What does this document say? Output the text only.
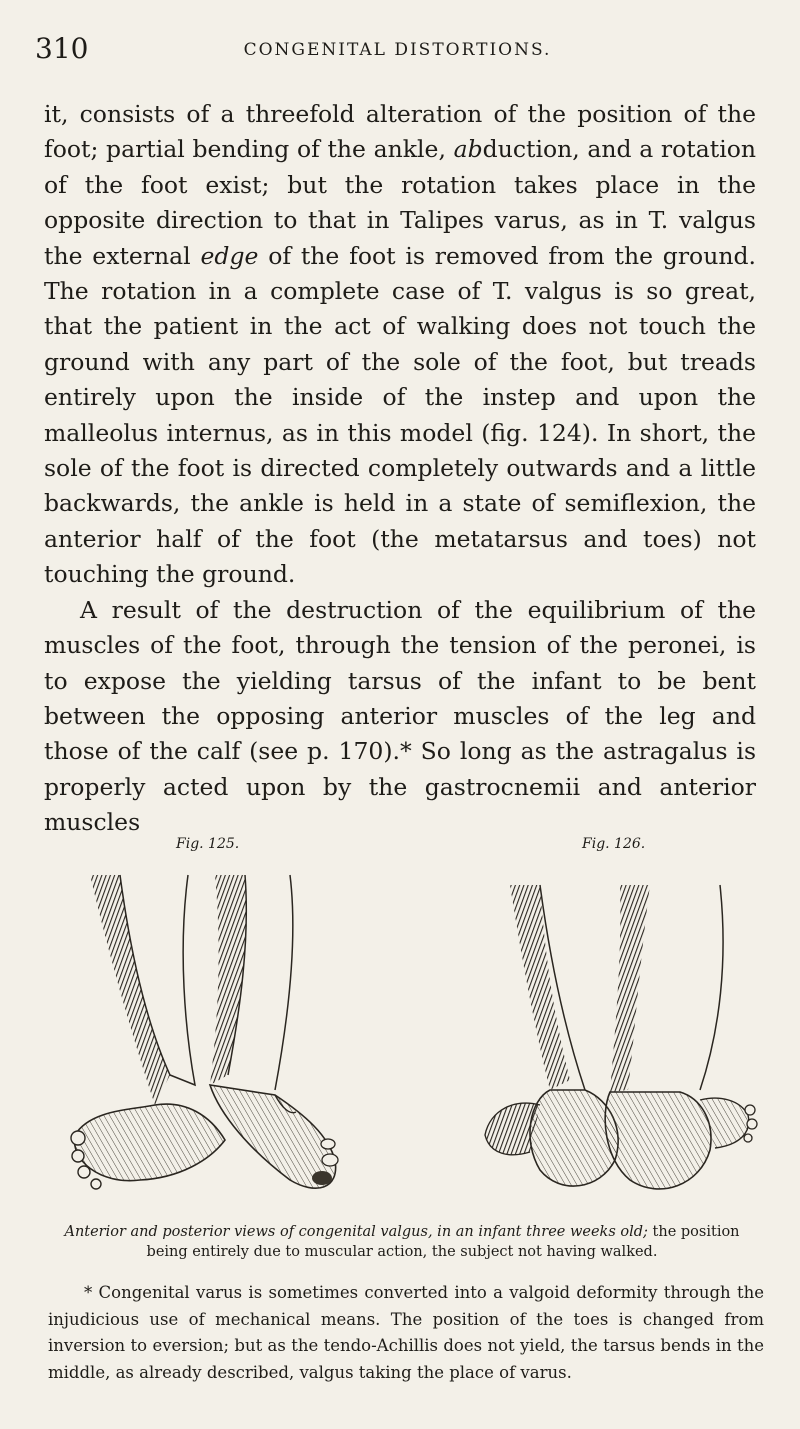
310	CONGENITAL DISTORTIONS.

it, consists of a threefold alteration of the position of the foot; partial bending of the ankle, abduction, and a rotation of the foot exist; but the rotation takes place in the opposite direction to that in Talipes varus, as in T. valgus the external edge of the foot is removed from the ground. The rotation in a complete case of T. valgus is so great, that the patient in the act of walking does not touch the ground with any part of the sole of the foot, but treads entirely upon the inside of the instep and upon the malleolus internus, as in this model (fig. 124). In short, the sole of the foot is directed completely outwards and a little backwards, the ankle is held in a state of semiflexion, the anterior half of the foot (the metatarsus and toes) not touching the ground.

A result of the destruction of the equilibrium of the muscles of the foot, through the tension of the peronei, is to expose the yielding tarsus of the infant to be bent between the opposing anterior muscles of the leg and those of the calf (see p. 170).* So long as the astragalus is properly acted upon by the gastrocnemii and anterior muscles

Fig. 125.	Fig. 126.
Anterior and posterior views of congenital valgus, in an infant three weeks old; the position being entirely due to muscular action, the subject not having walked.
* Congenital varus is sometimes converted into a valgoid deformity through the injudicious use of mechanical means. The position of the toes is changed from inversion to eversion; but as the tendo-Achillis does not yield, the tarsus bends in the middle, as already described, valgus taking the place of varus.
